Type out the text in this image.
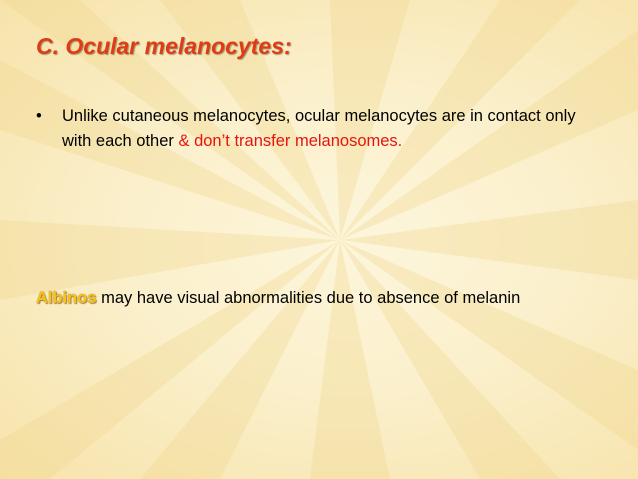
C. Ocular melanocytes:
•	Unlike cutaneous melanocytes, ocular melanocytes are in contact only with each other & don’t transfer melanosomes.
Albinos may have visual abnormalities due to absence of melanin
